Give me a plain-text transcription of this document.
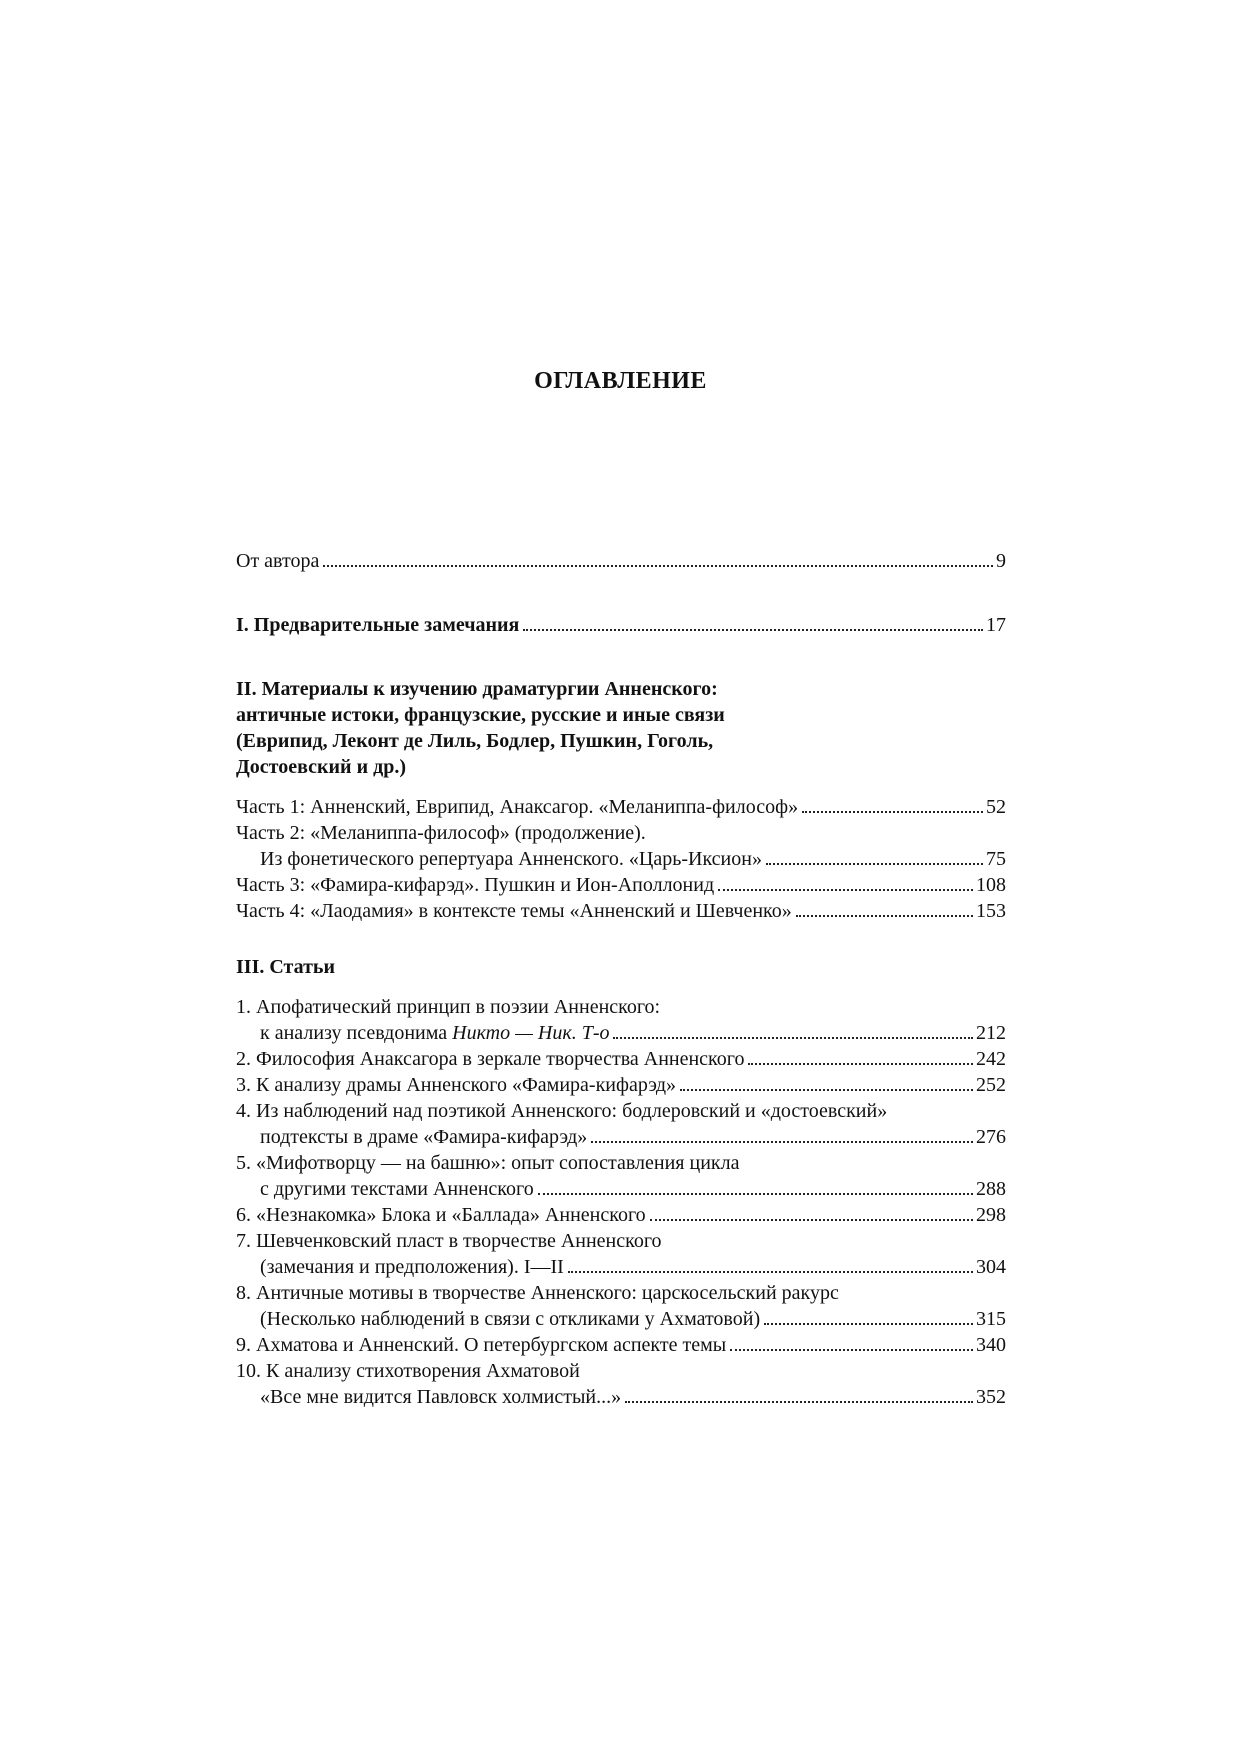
ОГЛАВЛЕНИЕ
От автора	9
I. Предварительные замечания	17
II. Материалы к изучению драматургии Анненского:
античные истоки, французские, русские и иные связи
(Еврипид, Леконт де Лиль, Бодлер, Пушкин, Гоголь,
Достоевский и др.)
Часть 1: Анненский, Еврипид, Анаксагор. «Меланиппа-философ»	52
Часть 2: «Меланиппа-философ» (продолжение).
Из фонетического репертуара Анненского. «Царь-Иксион»	75
Часть 3: «Фамира-кифарэд». Пушкин и Ион-Аполлонид	108
Часть 4: «Лаодамия» в контексте темы «Анненский и Шевченко»	153
III. Статьи
1. Апофатический принцип в поэзии Анненского:
к анализу псевдонима Никто — Ник. Т-о	212
2. Философия Анаксагора в зеркале творчества Анненского	242
3. К анализу драмы Анненского «Фамира-кифарэд»	252
4. Из наблюдений над поэтикой Анненского: бодлеровский и «достоевский»
подтексты в драме «Фамира-кифарэд»	276
5. «Мифотворцу — на башню»: опыт сопоставления цикла
с другими текстами Анненского	288
6. «Незнакомка» Блока и «Баллада» Анненского	298
7. Шевченковский пласт в творчестве Анненского
(замечания и предположения). I—II	304
8. Античные мотивы в творчестве Анненского: царскосельский ракурс
(Несколько наблюдений в связи с откликами у Ахматовой)	315
9. Ахматова и Анненский. О петербургском аспекте темы	340
10. К анализу стихотворения Ахматовой
«Все мне видится Павловск холмистый...»	352
